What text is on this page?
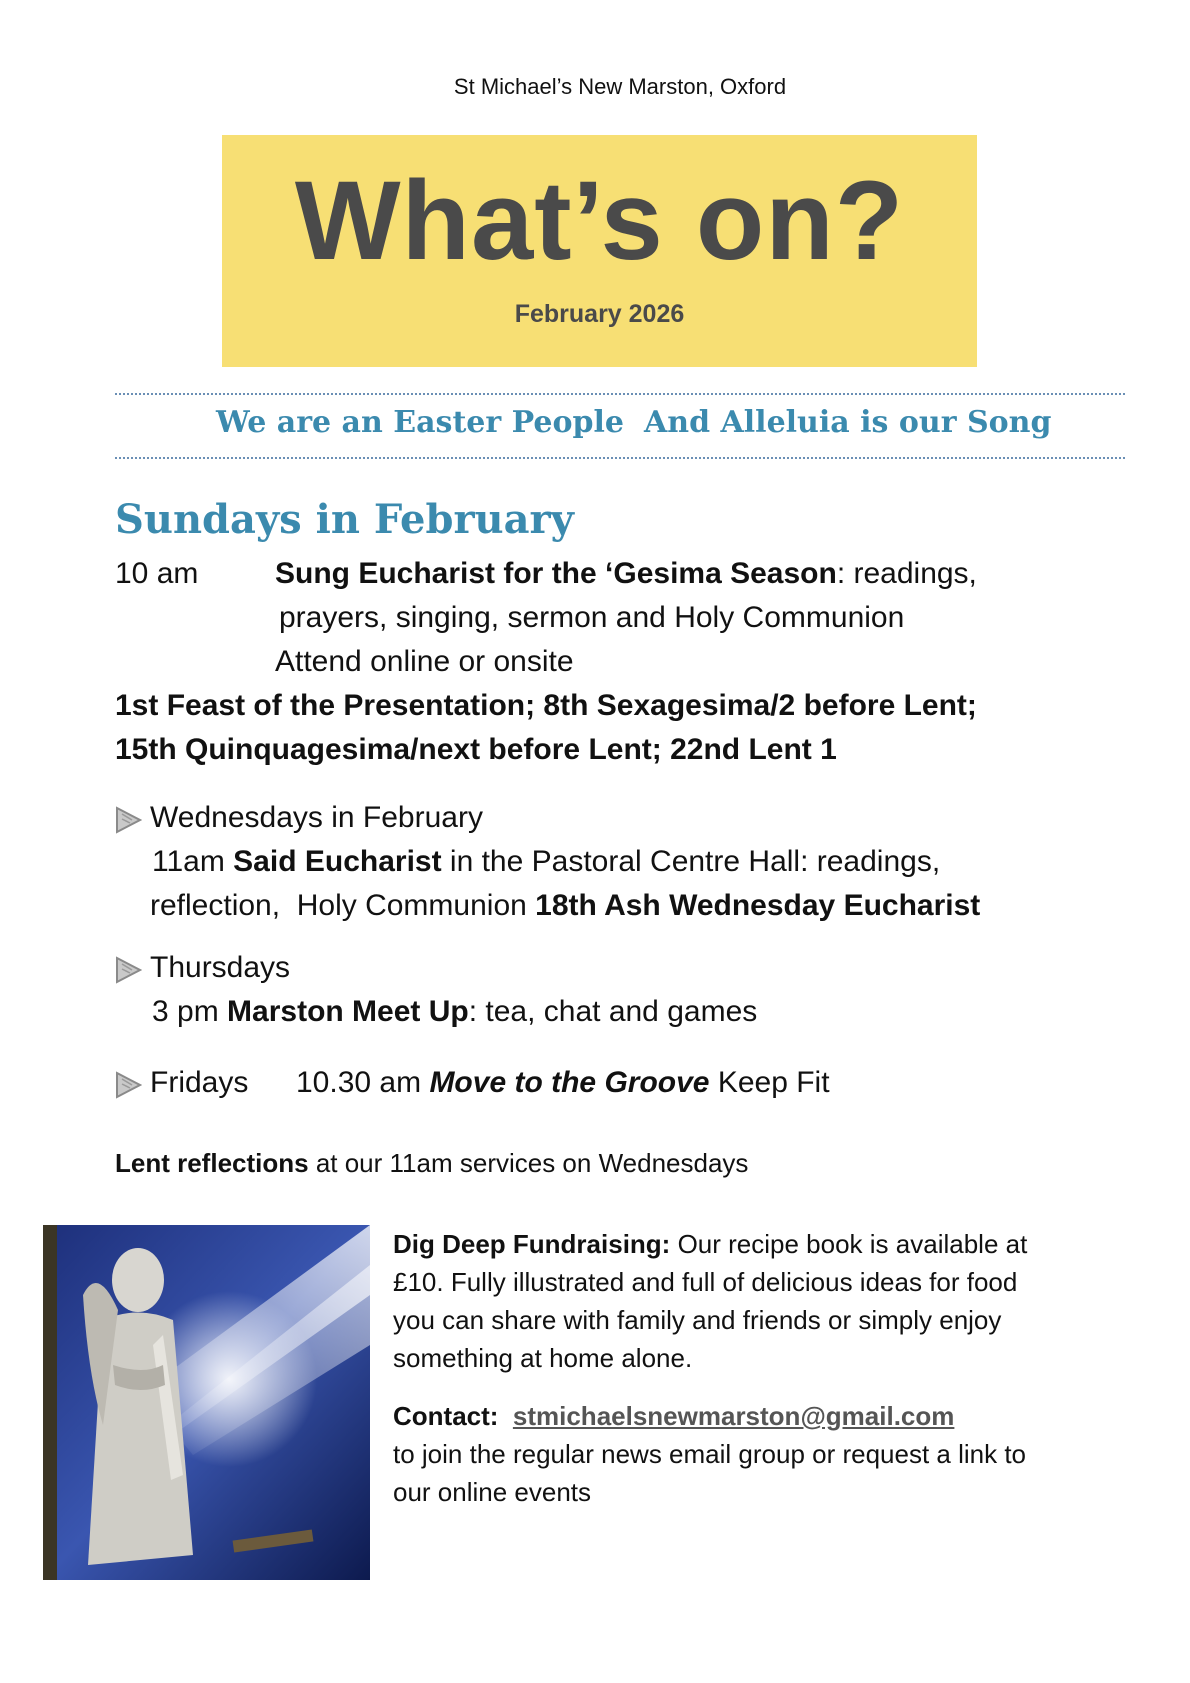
St Michael’s New Marston, Oxford
What’s on?
February 2026
We are an Easter People And Alleluia is our Song
Sundays in February
10 am	Sung Eucharist for the ‘Gesima Season: readings,
prayers, singing, sermon and Holy Communion
Attend online or onsite
1st Feast of the Presentation; 8th Sexagesima/2 before Lent;
15th Quinquagesima/next before Lent; 22nd Lent 1
Wednesdays in February
11am Said Eucharist in the Pastoral Centre Hall: readings,
reflection,  Holy Communion 18th Ash Wednesday Eucharist
Thursdays
3 pm Marston Meet Up: tea, chat and games
Fridays 10.30 am Move to the Groove Keep Fit
Lent reflections at our 11am services on Wednesdays
Dig Deep Fundraising: Our recipe book is available at
£10. Fully illustrated and full of delicious ideas for food
you can share with family and friends or simply enjoy
something at home alone.
Contact: stmichaelsnewmarston@gmail.com
to join the regular news email group or request a link to
our online events
